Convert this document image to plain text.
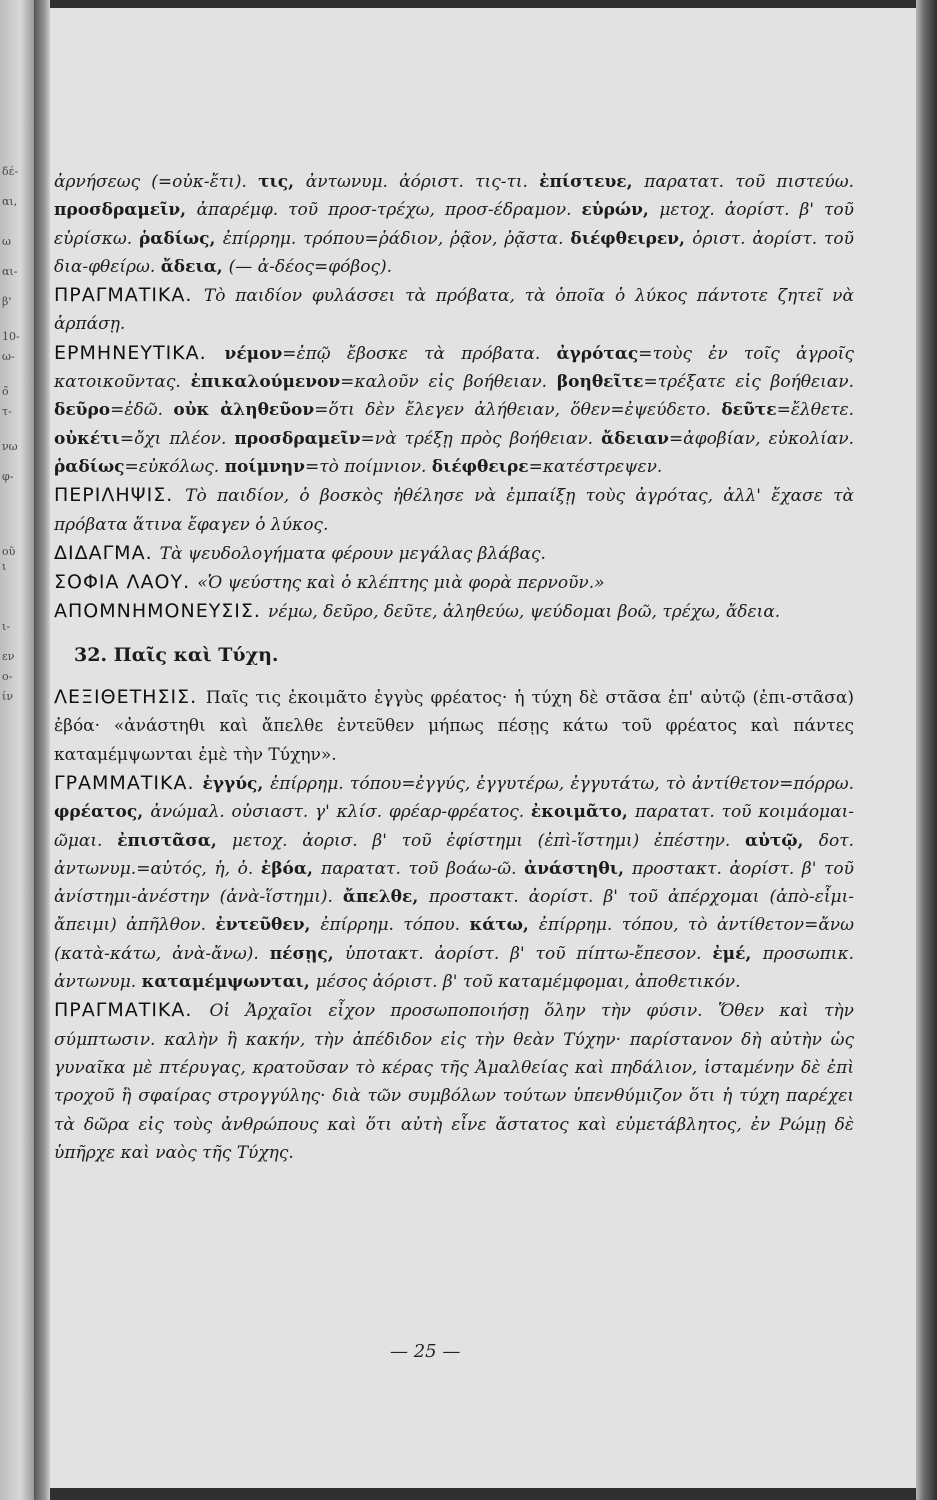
δέ-
αι,
ω
αι-
β'
10-
ω-
ο̃
τ-
νω
φ-
οῦ
ι
ι-
εν
ο-
ίν

ἀρνήσεως (=οὐκ-ἔτι). τις, ἀντωνυμ. ἀόριστ. τις-τι. ἐπίστευε, παρατατ. τοῦ πιστεύω. προσδραμεῖν, ἀπαρέμφ. τοῦ προσ-τρέχω, προσ-έδραμον. εὑρών, μετοχ. ἀορίστ. β' τοῦ εὑρίσκω. ῥαδίως, ἐπίρρημ. τρόπου=ῥάδιον, ῥᾷον, ῥᾷστα. διέφθειρεν, ὁριστ. ἀορίστ. τοῦ δια-φθείρω. ἄδεια, (— ἀ-δέος=φόβος).

ΠΡΑΓΜΑΤΙΚΑ. Τὸ παιδίον φυλάσσει τὰ πρόβατα, τὰ ὁποῖα ὁ λύκος πάντοτε ζητεῖ νὰ ἁρπάσῃ.

ΕΡΜΗΝΕΥΤΙΚΑ. νέμον=ἐπῷ ἔβοσκε τὰ πρόβατα. ἀγρότας=τοὺς ἐν τοῖς ἀγροῖς κατοικοῦντας. ἐπικαλούμενον=καλοῦν εἰς βοήθειαν. βοηθεῖτε=τρέξατε εἰς βοήθειαν. δεῦρο=ἐδῶ. οὐκ ἀληθεῦον=ὅτι δὲν ἔλεγεν ἀλήθειαν, ὅθεν=ἐψεύδετο. δεῦτε=ἔλθετε. οὐκέτι=ὄχι πλέον. προσδραμεῖν=νὰ τρέξῃ πρὸς βοήθειαν. ἄδειαν=ἀφοβίαν, εὐκολίαν. ῥαδίως=εὐκόλως. ποίμνην=τὸ ποίμνιον. διέφθειρε=κατέστρεψεν.

ΠΕΡΙΛΗΨΙΣ. Τὸ παιδίον, ὁ βοσκὸς ἠθέλησε νὰ ἐμπαίξῃ τοὺς ἀγρότας, ἀλλ' ἔχασε τὰ πρόβατα ἅτινα ἔφαγεν ὁ λύκος.

ΔΙΔΑΓΜΑ. Τὰ ψευδολογήματα φέρουν μεγάλας βλάβας.

ΣΟΦΙΑ ΛΑΟΥ. «Ὁ ψεύστης καὶ ὁ κλέπτης μιὰ φορὰ περνοῦν.»

ΑΠΟΜΝΗΜΟΝΕΥΣΙΣ. νέμω, δεῦρο, δεῦτε, ἀληθεύω, ψεύδομαι βοῶ, τρέχω, ἄδεια.

32. Παῖς καὶ Τύχη.

ΛΕΞΙΘΕΤΗΣΙΣ. Παῖς τις ἐκοιμᾶτο ἐγγὺς φρέατος· ἡ τύχη δὲ στᾶσα ἐπ' αὐτῷ (ἐπι-στᾶσα) ἐβόα· «ἀνάστηθι καὶ ἄπελθε ἐντεῦθεν μήπως πέσῃς κάτω τοῦ φρέατος καὶ πάντες καταμέμψωνται ἐμὲ τὴν Τύχην».

ΓΡΑΜΜΑΤΙΚΑ. ἐγγύς, ἐπίρρημ. τόπου=ἐγγύς, ἐγγυτέρω, ἐγγυτάτω, τὸ ἀντίθετον=πόρρω. φρέατος, ἀνώμαλ. οὐσιαστ. γ' κλίσ. φρέαρ-φρέατος. ἐκοιμᾶτο, παρατατ. τοῦ κοιμάομαι-ῶμαι. ἐπιστᾶσα, μετοχ. ἀορισ. β' τοῦ ἐφίστημι (ἐπὶ-ἵστημι) ἐπέστην. αὐτῷ, δοτ. ἀντωνυμ.=αὐτός, ἡ, ὁ. ἐβόα, παρατατ. τοῦ βοάω-ῶ. ἀνάστηθι, προστακτ. ἀορίστ. β' τοῦ ἀνίστημι-ἀνέστην (ἀνὰ-ἵστημι). ἄπελθε, προστακτ. ἀορίστ. β' τοῦ ἀπέρχομαι (ἀπὸ-εἶμι-ἄπειμι) ἀπῆλθον. ἐντεῦθεν, ἐπίρρημ. τόπου. κάτω, ἐπίρρημ. τόπου, τὸ ἀντίθετον=ἄνω (κατὰ-κάτω, ἀνὰ-ἄνω). πέσῃς, ὑποτακτ. ἀορίστ. β' τοῦ πίπτω-ἔπεσον. ἐμέ, προσωπικ. ἀντωνυμ. καταμέμψωνται, μέσος ἀόριστ. β' τοῦ καταμέμφομαι, ἀποθετικόν.

ΠΡΑΓΜΑΤΙΚΑ. Οἱ Ἀρχαῖοι εἶχον προσωποποιήσῃ ὅλην τὴν φύσιν. Ὅθεν καὶ τὴν σύμπτωσιν. καλὴν ἢ κακήν, τὴν ἀπέδιδον εἰς τὴν θεὰν Τύχην· παρίστανον δὴ αὐτὴν ὡς γυναῖκα μὲ πτέρυγας, κρατοῦσαν τὸ κέρας τῆς Ἀμαλθείας καὶ πηδάλιον, ἱσταμένην δὲ ἐπὶ τροχοῦ ἢ σφαίρας στρογγύλης· διὰ τῶν συμβόλων τούτων ὑπενθύμιζον ὅτι ἡ τύχη παρέχει τὰ δῶρα εἰς τοὺς ἀνθρώπους καὶ ὅτι αὐτὴ εἶνε ἄστατος καὶ εὐμετάβλητος, ἐν Ρώμῃ δὲ ὑπῆρχε καὶ ναὸς τῆς Τύχης.

— 25 —
